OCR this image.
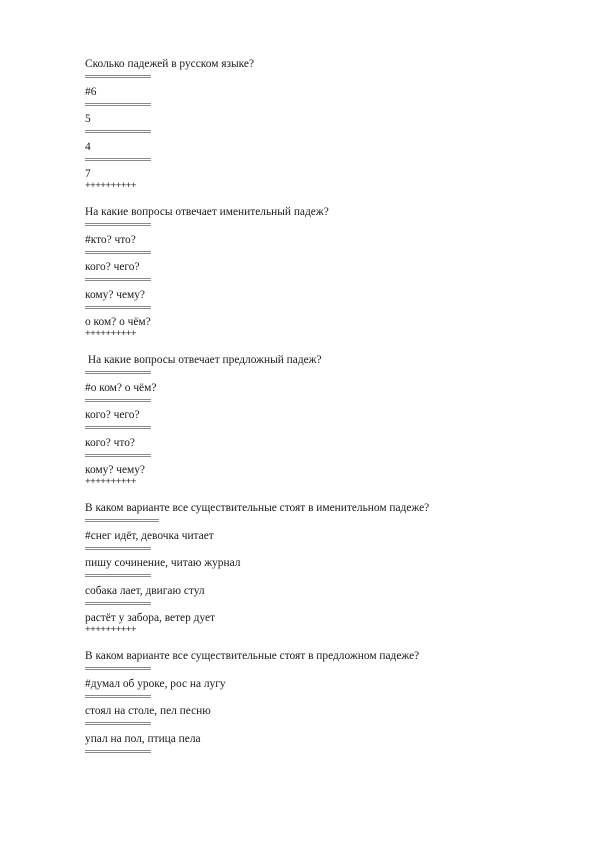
Сколько падежей в русском языке?
#6
5
4
7
++++++++++
На какие вопросы отвечает именительный падеж?
#кто? что?
кого? чего?
кому? чему?
о ком? о чём?
++++++++++
На какие вопросы отвечает предложный падеж?
#о ком? о чём?
кого? чего?
кого? что?
кому? чему?
++++++++++
В каком варианте все существительные стоят в именительном падеже?
#снег идёт, девочка читает
пишу сочинение, читаю журнал
собака лает, двигаю стул
растёт у забора, ветер дует
++++++++++
В каком варианте все существительные стоят в предложном падеже?
#думал об уроке, рос на лугу
стоял на столе, пел песню
упал на пол, птица пела
